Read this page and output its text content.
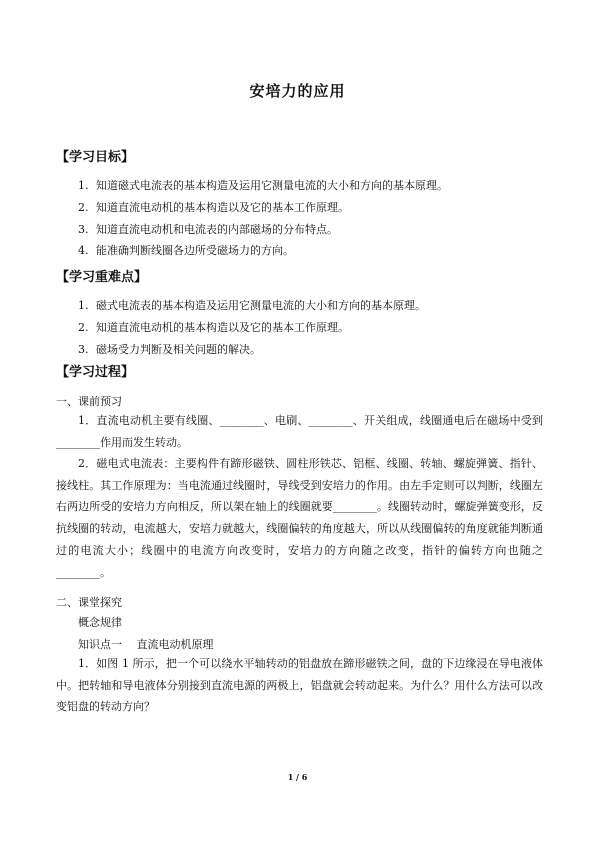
安培力的应用
【学习目标】
1. 知道磁式电流表的基本构造及运用它测量电流的大小和方向的基本原理。
2. 知道直流电动机的基本构造以及它的基本工作原理。
3. 知道直流电动机和电流表的内部磁场的分布特点。
4. 能准确判断线圈各边所受磁场力的方向。
【学习重难点】
1. 磁式电流表的基本构造及运用它测量电流的大小和方向的基本原理。
2. 知道直流电动机的基本构造以及它的基本工作原理。
3. 磁场受力判断及相关问题的解决。
【学习过程】
一、课前预习
1．直流电动机主要有线圈、________、电刷、________、开关组成，线圈通电后在磁场中受到________作用而发生转动。
2．磁电式电流表：主要构件有蹄形磁铁、圆柱形铁芯、铝框、线圈、转轴、螺旋弹簧、指针、接线柱。其工作原理为：当电流通过线圈时，导线受到安培力的作用。由左手定则可以判断，线圈左右两边所受的安培力方向相反，所以架在轴上的线圈就要________。线圈转动时，螺旋弹簧变形，反抗线圈的转动，电流越大，安培力就越大，线圈偏转的角度越大，所以从线圈偏转的角度就能判断通过的电流大小；线圈中的电流方向改变时，安培力的方向随之改变，指针的偏转方向也随之________。
二、课堂探究
概念规律
知识点一　 直流电动机原理
1．如图 1 所示，把一个可以绕水平轴转动的铝盘放在蹄形磁铁之间，盘的下边缘浸在导电液体中。把转轴和导电液体分别接到直流电源的两极上，铝盘就会转动起来。为什么？用什么方法可以改变铝盘的转动方向？
1 / 6
